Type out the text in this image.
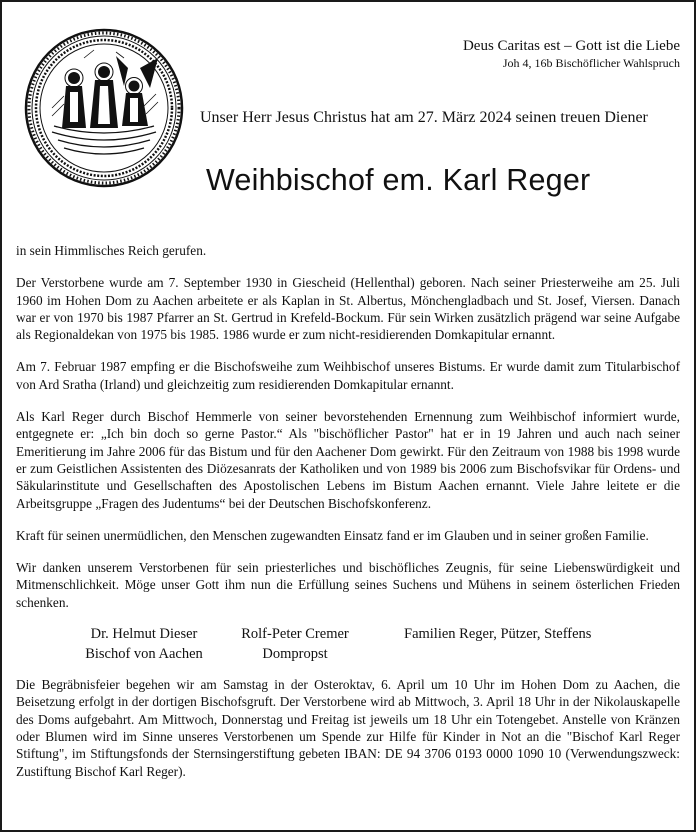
Deus Caritas est – Gott ist die Liebe
Joh 4, 16b Bischöflicher Wahlspruch
Unser Herr Jesus Christus hat am 27. März 2024 seinen treuen Diener
Weihbischof em. Karl Reger

in sein Himmlisches Reich gerufen.

Der Verstorbene wurde am 7. September 1930 in Giescheid (Hellenthal) geboren. Nach seiner Priesterweihe am 25. Juli 1960 im Hohen Dom zu Aachen arbeitete er als Kaplan in St. Albertus, Mönchengladbach und St. Josef, Viersen. Danach war er von 1970 bis 1987 Pfarrer an St. Gertrud in Krefeld-Bockum. Für sein Wirken zusätzlich prägend war seine Aufgabe als Regionaldekan von 1975 bis 1985. 1986 wurde er zum nicht-residierenden Domkapitular ernannt.

Am 7. Februar 1987 empfing er die Bischofsweihe zum Weihbischof unseres Bistums. Er wurde damit zum Titularbischof von Ard Sratha (Irland) und gleichzeitig zum residierenden Domkapitular ernannt.

Als Karl Reger durch Bischof Hemmerle von seiner bevorstehenden Ernennung zum Weihbischof informiert wurde, entgegnete er: „Ich bin doch so gerne Pastor.“ Als "bischöflicher Pastor" hat er in 19 Jahren und auch nach seiner Emeritierung im Jahre 2006 für das Bistum und für den Aachener Dom gewirkt. Für den Zeitraum von 1988 bis 1998 wurde er zum Geistlichen Assistenten des Diözesanrats der Katholiken und von 1989 bis 2006 zum Bischofsvikar für Ordens- und Säkularinstitute und Gesellschaften des Apostolischen Lebens im Bistum Aachen ernannt. Viele Jahre leitete er die Arbeitsgruppe „Fragen des Judentums“ bei der Deutschen Bischofskonferenz.

Kraft für seinen unermüdlichen, den Menschen zugewandten Einsatz fand er im Glauben und in seiner großen Familie.

Wir danken unserem Verstorbenen für sein priesterliches und bischöfliches Zeugnis, für seine Liebenswürdigkeit und Mitmenschlichkeit. Möge unser Gott ihm nun die Erfüllung seines Suchens und Mühens in seinem österlichen Frieden schenken.

Dr. Helmut Dieser
Bischof von Aachen
Rolf-Peter Cremer
Dompropst
Familien Reger, Pützer, Steffens

Die Begräbnisfeier begehen wir am Samstag in der Osteroktav, 6. April um 10 Uhr im Hohen Dom zu Aachen, die Beisetzung erfolgt in der dortigen Bischofsgruft. Der Verstorbene wird ab Mittwoch, 3. April 18 Uhr in der Nikolauskapelle des Doms aufgebahrt. Am Mittwoch, Donnerstag und Freitag ist jeweils um 18 Uhr ein Totengebet. Anstelle von Kränzen oder Blumen wird im Sinne unseres Verstorbenen um Spende zur Hilfe für Kinder in Not an die "Bischof Karl Reger Stiftung", im Stiftungsfonds der Sternsingerstiftung gebeten IBAN: DE 94 3706 0193 0000 1090 10 (Verwendungszweck: Zustiftung Bischof Karl Reger).
